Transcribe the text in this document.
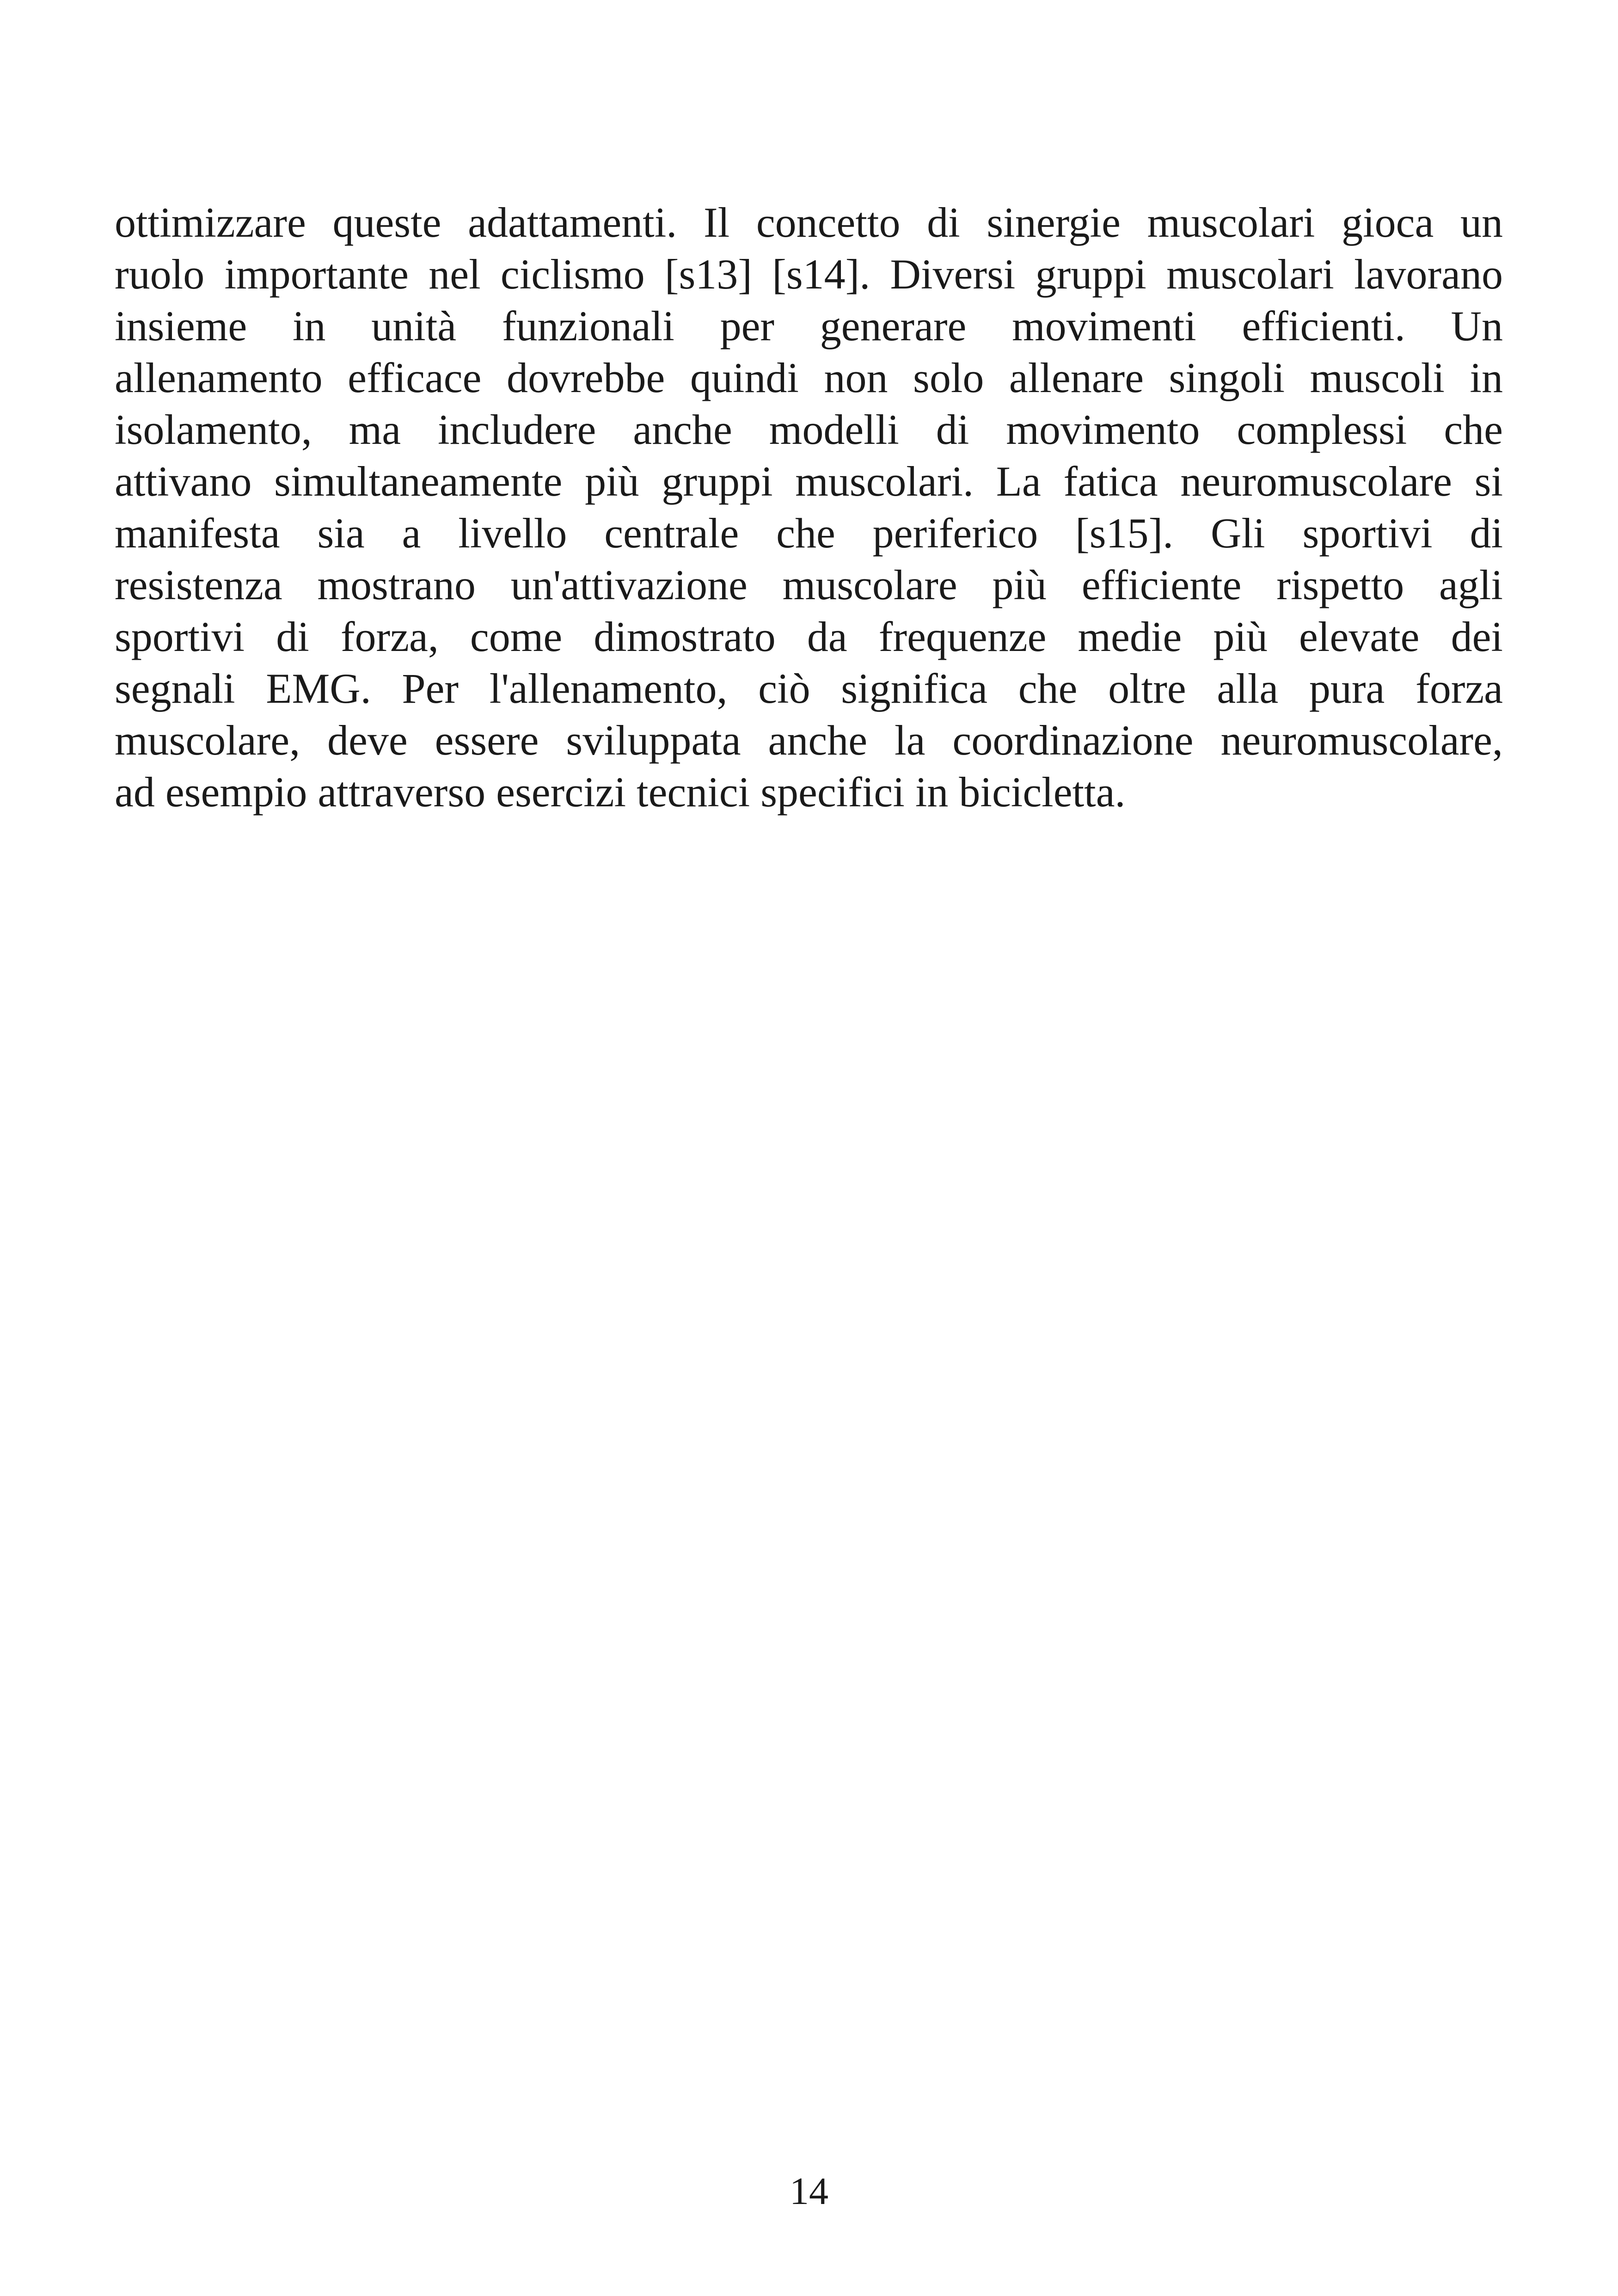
ottimizzare queste adattamenti. Il concetto di sinergie muscolari gioca un
ruolo importante nel ciclismo [s13] [s14]. Diversi gruppi muscolari lavorano
insieme in unità funzionali per generare movimenti efficienti. Un
allenamento efficace dovrebbe quindi non solo allenare singoli muscoli in
isolamento, ma includere anche modelli di movimento complessi che
attivano simultaneamente più gruppi muscolari. La fatica neuromuscolare si
manifesta sia a livello centrale che periferico [s15]. Gli sportivi di
resistenza mostrano un'attivazione muscolare più efficiente rispetto agli
sportivi di forza, come dimostrato da frequenze medie più elevate dei
segnali EMG. Per l'allenamento, ciò significa che oltre alla pura forza
muscolare, deve essere sviluppata anche la coordinazione neuromuscolare,
ad esempio attraverso esercizi tecnici specifici in bicicletta.

14
